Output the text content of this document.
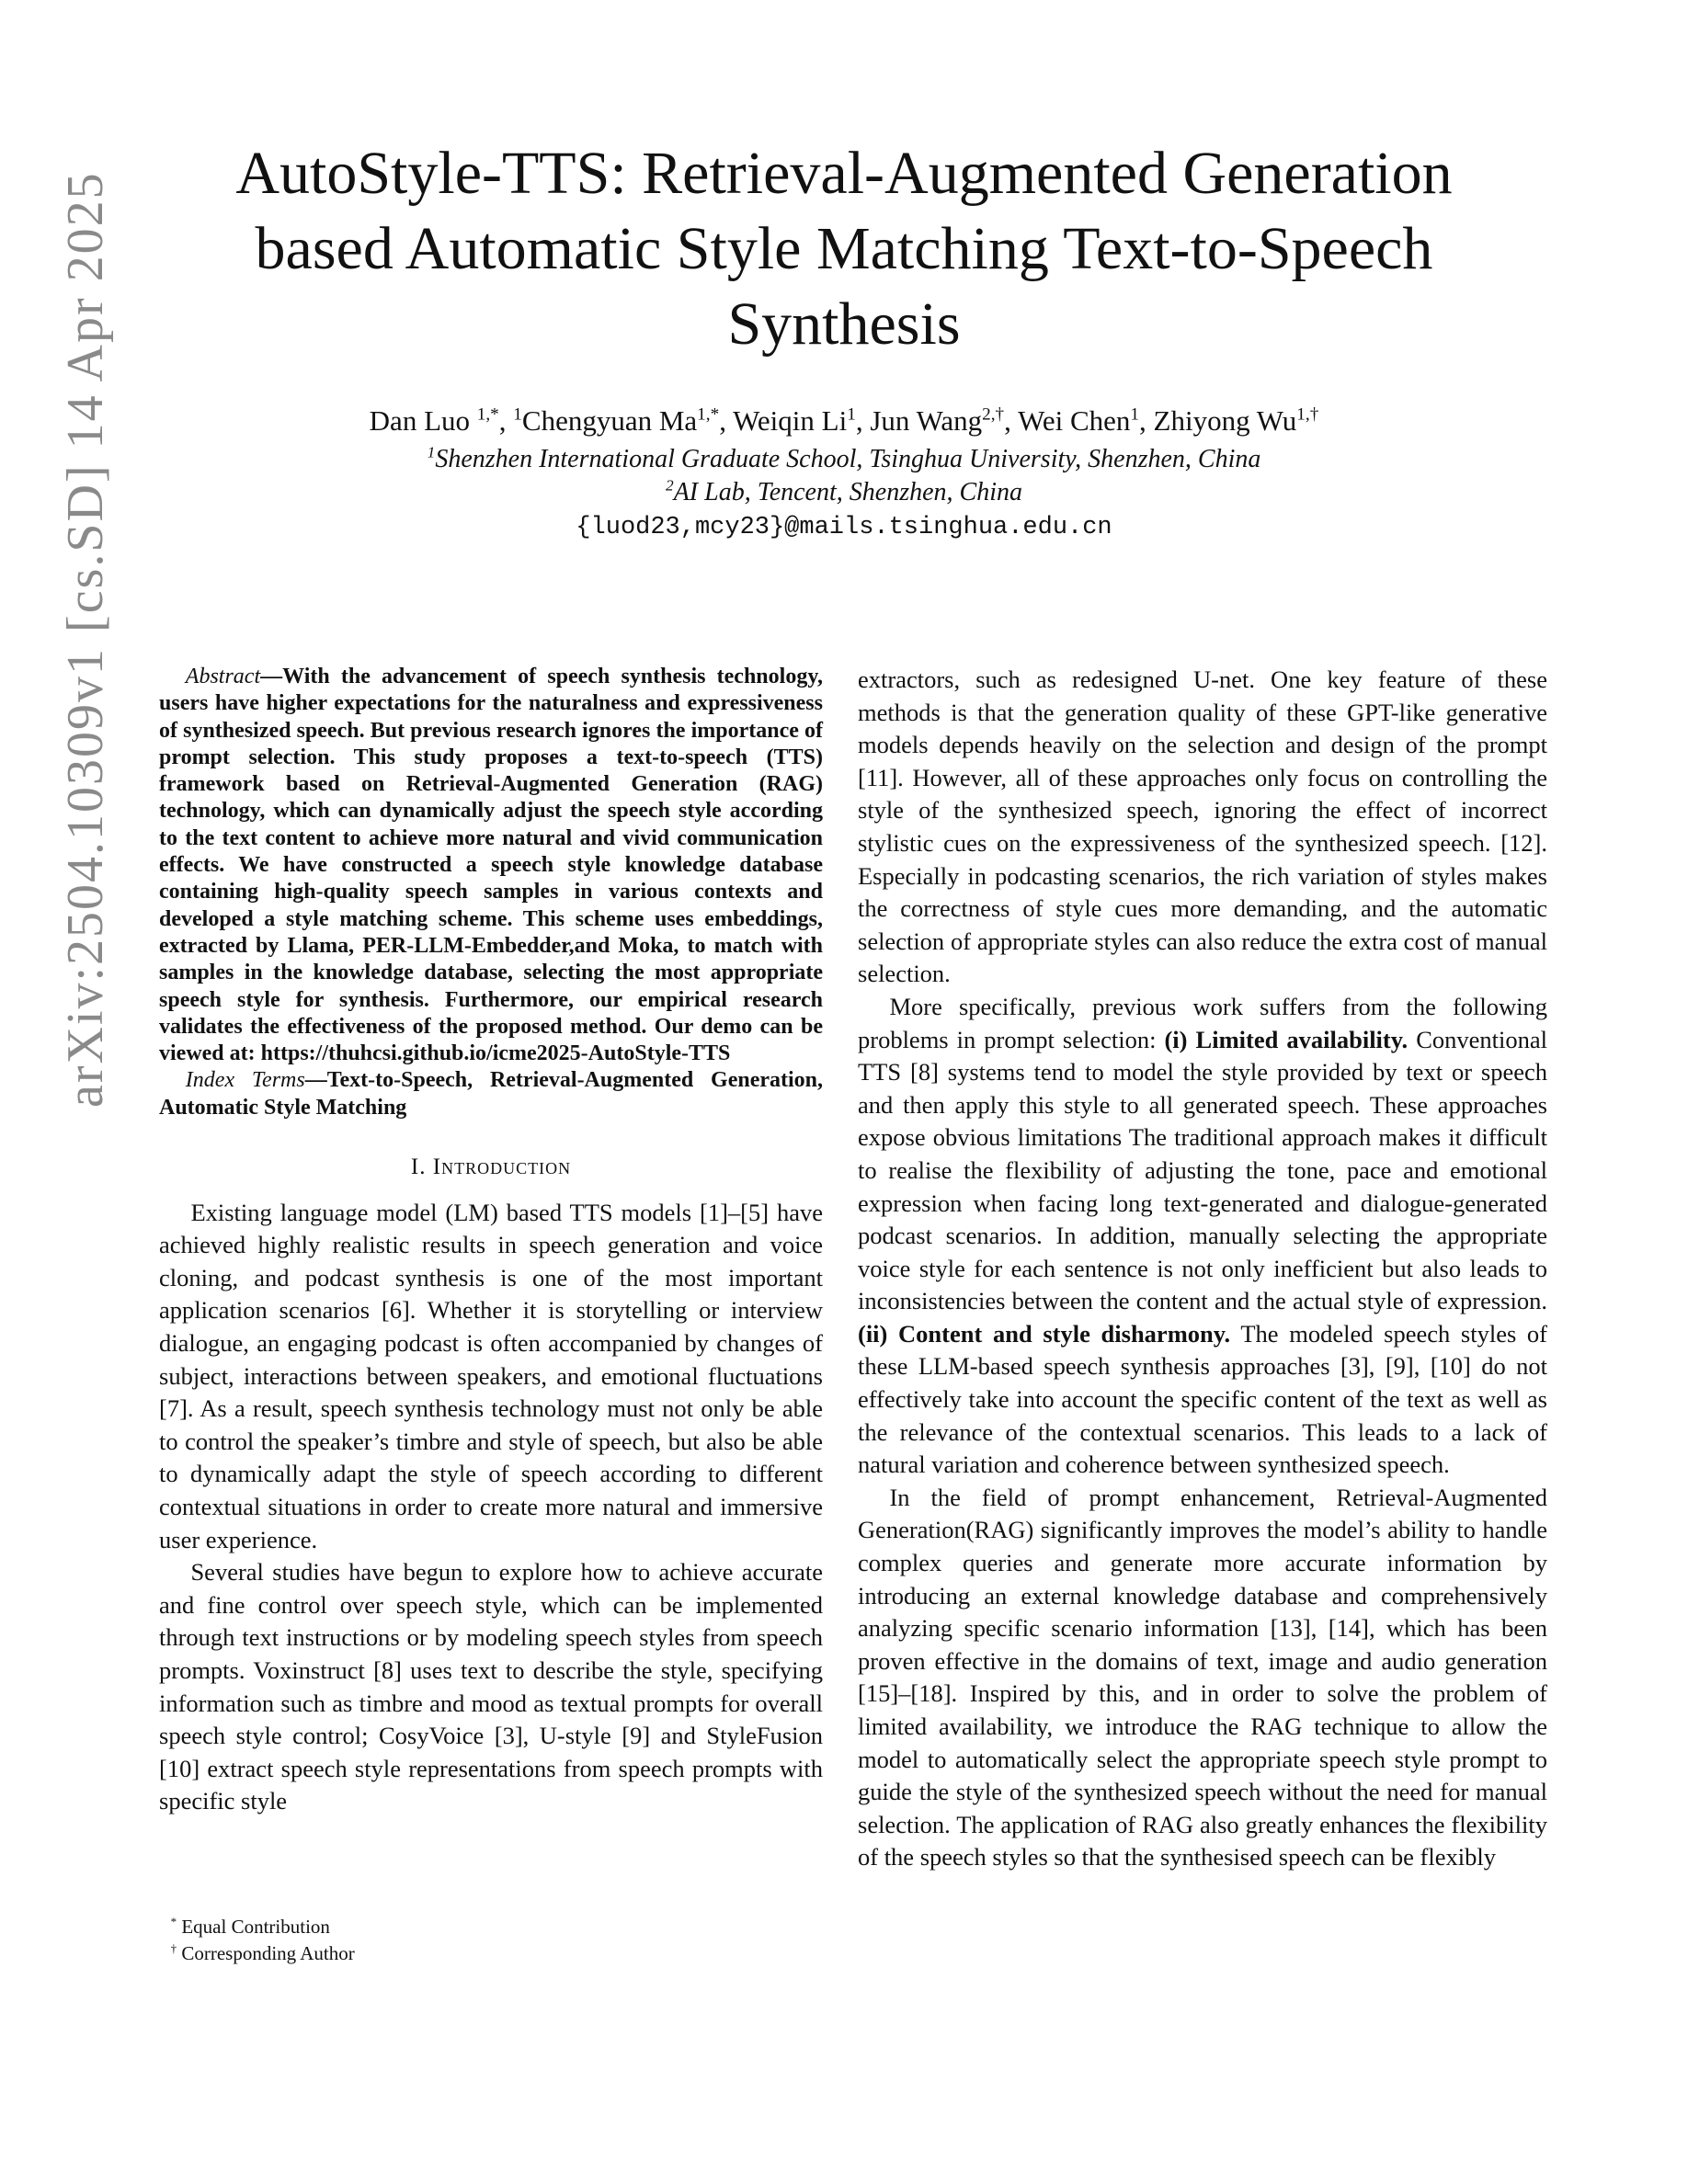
arXiv:2504.10309v1 [cs.SD] 14 Apr 2025	AutoStyle-TTS: Retrieval-Augmented Generation
based Automatic Style Matching Text-to-Speech
Synthesis
Dan Luo $^{1,*}$, $^1$Chengyuan $Ma^{1,*}$, Weiqin Li$^1$, Jun Wang$^{2,\dagger}$, Wei Chen$^1$, Zhiyong $Wu^{1,\dagger}$
$^1$Shenzhen International Graduate School, Tsinghua University, Shenzhen, China
$^2$AI Lab, Tencent, Shenzhen, China
{luod23,mcy23}@mails.tsinghua.edu.cn

Abstract—With the advancement of speech synthesis technology, users have higher expectations for the naturalness and expressiveness of synthesized speech. But previous research ignores the importance of prompt selection. This study proposes a text-to-speech (TTS) framework based on Retrieval-Augmented Generation (RAG) technology, which can dynamically adjust the speech style according to the text content to achieve more natural and vivid communication effects. We have constructed a speech style knowledge database containing high-quality speech samples in various contexts and developed a style matching scheme. This scheme uses embeddings, extracted by Llama, PER-LLM-Embedder,and Moka, to match with samples in the knowledge database, selecting the most appropriate speech style for synthesis. Furthermore, our empirical research validates the effectiveness of the proposed method. Our demo can be viewed at: https://thuhcsi.github.io/icme2025-AutoStyle-TTS

Index Terms—Text-to-Speech, Retrieval-Augmented Generation, Automatic Style Matching

I. Introduction

Existing language model (LM) based TTS models [1]–[5] have achieved highly realistic results in speech generation and voice cloning, and podcast synthesis is one of the most important application scenarios [6]. Whether it is storytelling or interview dialogue, an engaging podcast is often accompanied by changes of subject, interactions between speakers, and emotional fluctuations [7]. As a result, speech synthesis technology must not only be able to control the speaker’s timbre and style of speech, but also be able to dynamically adapt the style of speech according to different contextual situations in order to create more natural and immersive user experience.

Several studies have begun to explore how to achieve accurate and fine control over speech style, which can be implemented through text instructions or by modeling speech styles from speech prompts. Voxinstruct [8] uses text to describe the style, specifying information such as timbre and mood as textual prompts for overall speech style control; CosyVoice [3], U-style [9] and StyleFusion [10] extract speech style representations from speech prompts with specific style

extractors, such as redesigned U-net. One key feature of these methods is that the generation quality of these GPT-like generative models depends heavily on the selection and design of the prompt [11]. However, all of these approaches only focus on controlling the style of the synthesized speech, ignoring the effect of incorrect stylistic cues on the expressiveness of the synthesized speech. [12]. Especially in podcasting scenarios, the rich variation of styles makes the correctness of style cues more demanding, and the automatic selection of appropriate styles can also reduce the extra cost of manual selection.

More specifically, previous work suffers from the following problems in prompt selection: (i) Limited availability. Conventional TTS [8] systems tend to model the style provided by text or speech and then apply this style to all generated speech. These approaches expose obvious limitations The traditional approach makes it difficult to realise the flexibility of adjusting the tone, pace and emotional expression when facing long text-generated and dialogue-generated podcast scenarios. In addition, manually selecting the appropriate voice style for each sentence is not only inefficient but also leads to inconsistencies between the content and the actual style of expression. (ii) Content and style disharmony. The modeled speech styles of these LLM-based speech synthesis approaches [3], [9], [10] do not effectively take into account the specific content of the text as well as the relevance of the contextual scenarios. This leads to a lack of natural variation and coherence between synthesized speech.

In the field of prompt enhancement, Retrieval-Augmented Generation(RAG) significantly improves the model’s ability to handle complex queries and generate more accurate information by introducing an external knowledge database and comprehensively analyzing specific scenario information [13], [14], which has been proven effective in the domains of text, image and audio generation [15]–[18]. Inspired by this, and in order to solve the problem of limited availability, we introduce the RAG technique to allow the model to automatically select the appropriate speech style prompt to guide the style of the synthesized speech without the need for manual selection. The application of RAG also greatly enhances the flexibility of the speech styles so that the synthesised speech can be flexibly

* Equal Contribution
† Corresponding Author
